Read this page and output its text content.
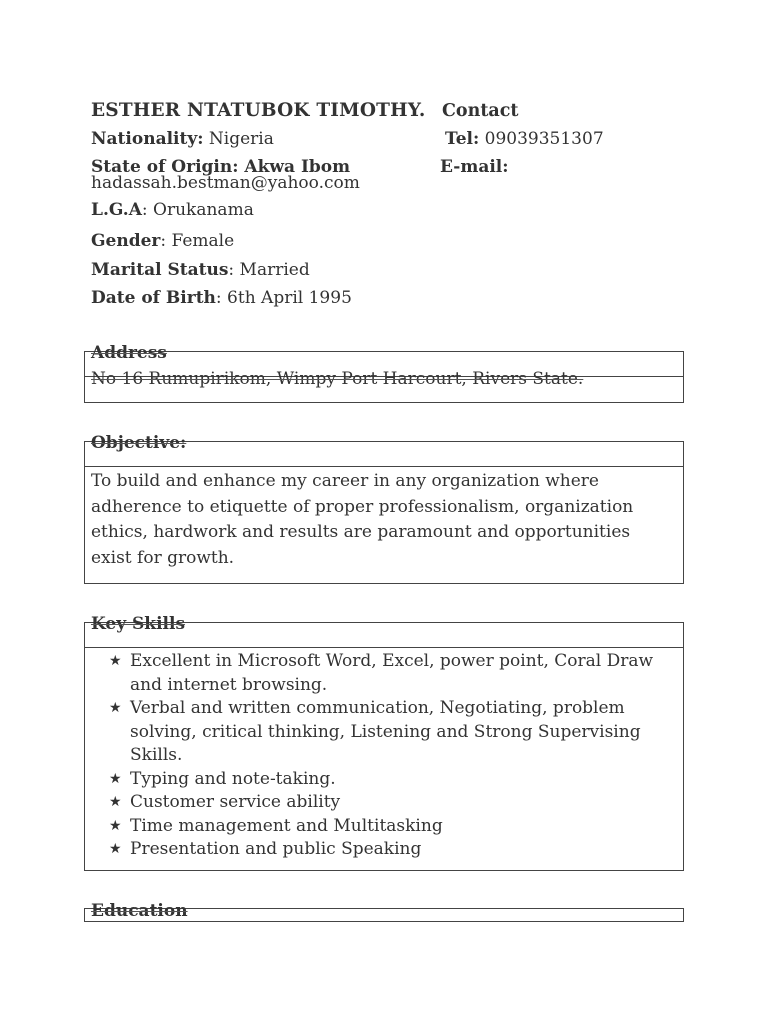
ESTHER NTATUBOK TIMOTHY. Contact
Nationality: Nigeria	Tel: 09039351307
State of Origin: Akwa Ibom	E-mail:
hadassah.bestman@yahoo.com
L.G.A: Orukanama
Gender: Female
Marital Status: Married
Date of Birth: 6th April 1995
Address
No 16 Rumupirikom, Wimpy Port Harcourt, Rivers State.
Objective:
To build and enhance my career in any organization where adherence to etiquette of proper professionalism, organization ethics, hardwork and results are paramount and opportunities exist for growth.
Key Skills
★ Excellent in Microsoft Word, Excel, power point, Coral Draw and internet browsing.
★ Verbal and written communication, Negotiating, problem solving, critical thinking, Listening and Strong Supervising Skills.
★ Typing and note-taking.
★ Customer service ability
★ Time management and Multitasking
★ Presentation and public Speaking
Education
